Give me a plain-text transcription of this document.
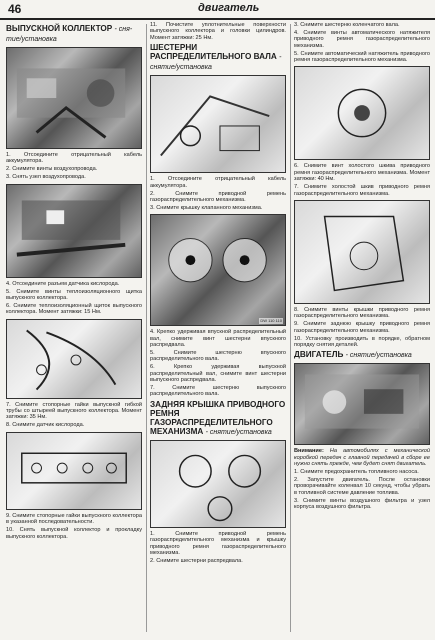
46	двигатель
ВЫПУСКНОЙ КОЛЛЕКТОР - сня-тие/установка

1. Отсоедините отрицательный кабель аккумулятора.

2. Снимите винты воздухопровода.

3. Снять узел воздухопровода.

4. Отсоедините разъем датчика кислорода.

5. Снимите винты теплоизоляционного щитка выпускного коллектора.

6. Снимите теплоизоляционный щиток выпускного коллектора. Момент затяжки: 15 Нм.

7. Снимите стопорные гайки выпускной гибкой трубы со штыреей выпускного коллектора. Момент затяжки: 35 Нм.

8. Снимите датчик кислорода.

9. Снимите стопорные гайки выпускного коллектора в указанной последовательности.

10. Снять выпускной коллектор и прокладку выпускного коллектора.

11. Почистите уплотнительные поверхности выпускного коллектора и головки цилиндров. Момент затяжки: 25 Нм.

ШЕСТЕРНИ РАСПРЕДЕЛИТЕЛЬНОГО ВАЛА - снятие/установка

1. Отсоедините отрицательный кабель аккумулятора.

2. Снимите приводной ремень газораспределительного механизма.

3. Снимите крышку клапанного механизма.

DW 110 110

4. Крепко удерживая впускной распределительный вал, снимите винт шестерни впускного распредвала.

5. Снимите шестерню впускного распределительного вала.

6. Крепко удерживая выпускной распределительный вал, снимите винт шестерни выпускного распредвала.

7. Снимите шестерню выпускного распределительного вала.

ЗАДНЯЯ КРЫШКА ПРИВОДНОГО РЕМНЯ ГАЗОРАСПРЕДЕЛИТЕЛЬНОГО МЕХАНИЗМА - снятие/установка

1. Снимите приводной ремень газораспределительного механизма и крышку приводного ремня газораспределительного механизма.

2. Снимите шестерни распредвала.

3. Снимите шестерню коленчатого вала.

4. Снимите винты автоматического натяжителя приводного ремня газораспределительного механизма.

5. Снимите автоматический натяжитель приводного ремня газораспределительного механизма.

6. Снимите винт холостого шкива приводного ремня газораспределительного механизма. Момент затяжки: 40 Нм.

7. Снимите холостой шкив приводного ремня газораспределительного механизма.

8. Снимите винты крышки приводного ремня газораспределительного механизма.

9. Снимите заднюю крышку приводного ремня газораспределительного механизма.

10. Установку производить в порядке, обратном порядку снятия деталей.

ДВИГАТЕЛЬ - снятие/установка

Внимание: На автомобилях с механической коробкой передач с главной передачей в сборе ее нужно снять прежде, чем будет снят двигатель.

1. Снимите предохранитель топливного насоса.

2. Запустите двигатель. После остановки проворачивайте коленвал 10 секунд, чтобы убрать в топливной системе давление топлива.

3. Снимите винты воздушного фильтра и узел корпуса воздушного фильтра.
